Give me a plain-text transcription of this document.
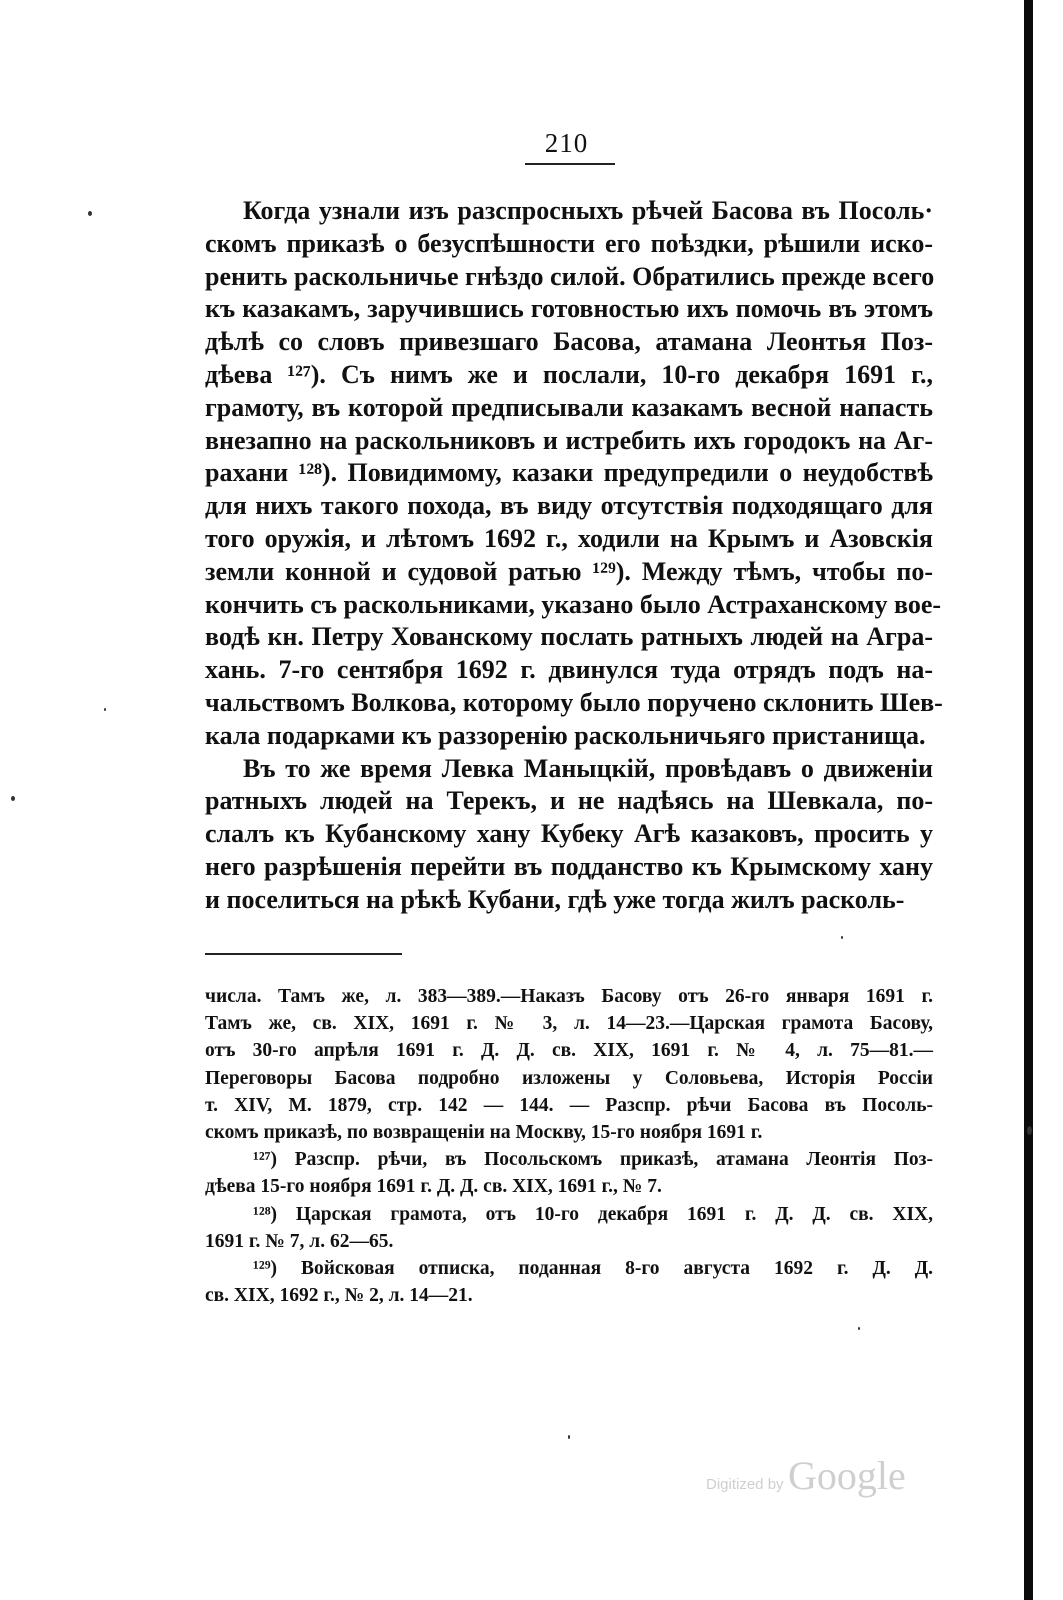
210

Когда узнали изъ разспросныхъ рѣчей Басова въ Посоль·
скомъ приказѣ о безуспѣшности его поѣздки, рѣшили иско-
ренить раскольничье гнѣздо силой. Обратились прежде всего
къ казакамъ, заручившись готовностью ихъ помочь въ этомъ
дѣлѣ со словъ привезшаго Басова, атамана Леонтья Поз-
дѣева ¹²⁷). Съ нимъ же и послали, 10-го декабря 1691 г.,
грамоту, въ которой предписывали казакамъ весной напасть
внезапно на раскольниковъ и истребить ихъ городокъ на Аг-
рахани ¹²⁸). Повидимому, казаки предупредили о неудобствѣ
для нихъ такого похода, въ виду отсутствія подходящаго для
того оружія, и лѣтомъ 1692 г., ходили на Крымъ и Азовскія
земли конной и судовой ратью ¹²⁹). Между тѣмъ, чтобы по-
кончить съ раскольниками, указано было Астраханскому вое-
водѣ кн. Петру Хованскому послать ратныхъ людей на Агра-
хань. 7-го сентября 1692 г. двинулся туда отрядъ подъ на-
чальствомъ Волкова, которому было поручено склонить Шев-
кала подарками къ раззоренію раскольничьяго пристанища.

Въ то же время Левка Маныцкій, провѣдавъ о движеніи
ратныхъ людей на Терекъ, и не надѣясь на Шевкала, по-
слалъ къ Кубанскому хану Кубеку Агѣ казаковъ, просить у
него разрѣшенія перейти въ подданство къ Крымскому хану
и поселиться на рѣкѣ Кубани, гдѣ уже тогда жилъ расколь-

числа. Тамъ же, л. 383—389.—Наказъ Басову отъ 26-го января 1691 г.
Тамъ же, св. XIX, 1691 г. № 3, л. 14—23.—Царская грамота Басову,
отъ 30-го апрѣля 1691 г. Д. Д. св. XIX, 1691 г. № 4, л. 75—81.—
Переговоры Басова подробно изложены у Соловьева, Исторія Россіи
т. XIV, М. 1879, стр. 142 — 144. — Разспр. рѣчи Басова въ Посоль-
скомъ приказѣ, по возвращеніи на Москву, 15-го ноября 1691 г.
¹²⁷) Разспр. рѣчи, въ Посольскомъ приказѣ, атамана Леонтія Поз-
дѣева 15-го ноября 1691 г. Д. Д. св. XIX, 1691 г., № 7.
¹²⁸) Царская грамота, отъ 10-го декабря 1691 г. Д. Д. св. XIX,
1691 г. № 7, л. 62—65.
¹²⁹) Войсковая отписка, поданная 8-го августа 1692 г. Д. Д.
св. XIX, 1692 г., № 2, л. 14—21.
Digitized by Google
